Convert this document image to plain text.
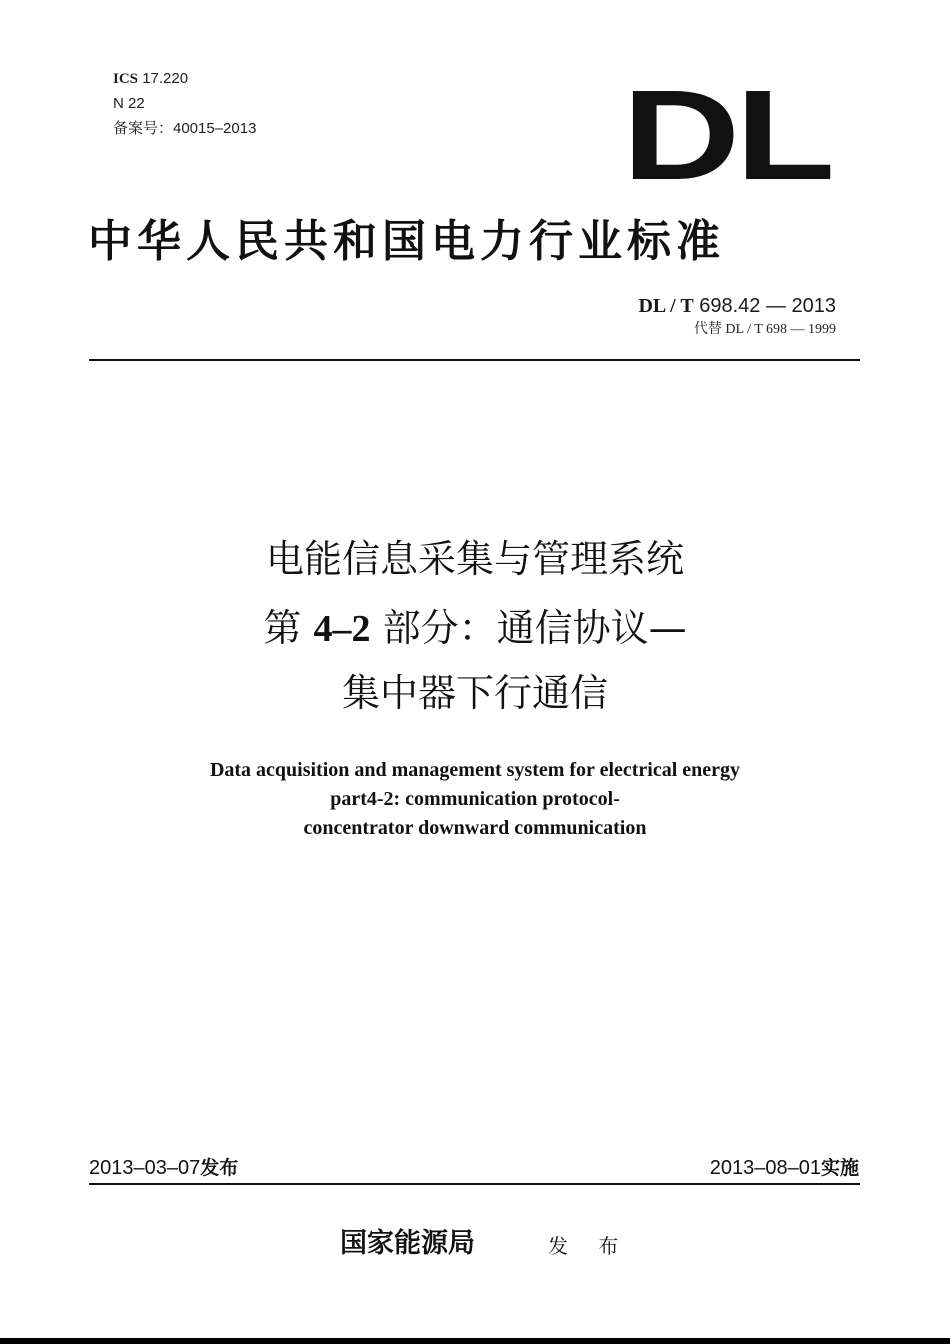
ICS 17.220
N 22
备案号：40015–2013	DL
中华人民共和国电力行业标准
DL / T 698.42 — 2013
代替 DL / T 698 — 1999
电能信息采集与管理系统
第 4–2 部分：通信协议—
集中器下行通信
Data acquisition and management system for electrical energy
part4-2: communication protocol-
concentrator downward communication
2013–03–07发布	2013–08–01实施
国家能源局	发 布
